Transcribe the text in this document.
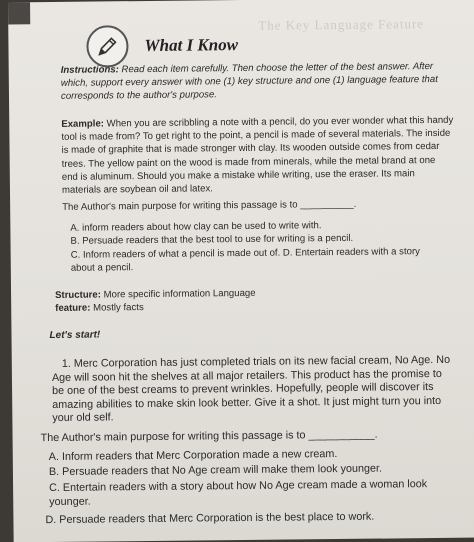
The Key Language Feature
What I Know
Instructions: Read each item carefully. Then choose the letter of the best answer. After which, support every answer with one (1) key structure and one (1) language feature that corresponds to the author's purpose.
Example: When you are scribbling a note with a pencil, do you ever wonder what this handy tool is made from? To get right to the point, a pencil is made of several materials. The inside is made of graphite that is made stronger with clay. Its wooden outside comes from cedar trees. The yellow paint on the wood is made from minerals, while the metal brand at one end is aluminum. Should you make a mistake while writing, use the eraser. Its main materials are soybean oil and latex.
The Author's main purpose for writing this passage is to __________.
A. inform readers about how clay can be used to write with.
B. Persuade readers that the best tool to use for writing is a pencil.
C. Inform readers of what a pencil is made out of. D. Entertain readers with a story about a pencil.
Structure: More specific information Language
feature: Mostly facts
Let's start!
1. Merc Corporation has just completed trials on its new facial cream, No Age. No Age will soon hit the shelves at all major retailers. This product has the promise to be one of the best creams to prevent wrinkles. Hopefully, people will discover its amazing abilities to make skin look better. Give it a shot. It just might turn you into your old self.
The Author's main purpose for writing this passage is to ___________.
A. Inform readers that Merc Corporation made a new cream.
B. Persuade readers that No Age cream will make them look younger.
C. Entertain readers with a story about how No Age cream made a woman look younger.
D. Persuade readers that Merc Corporation is the best place to work.
